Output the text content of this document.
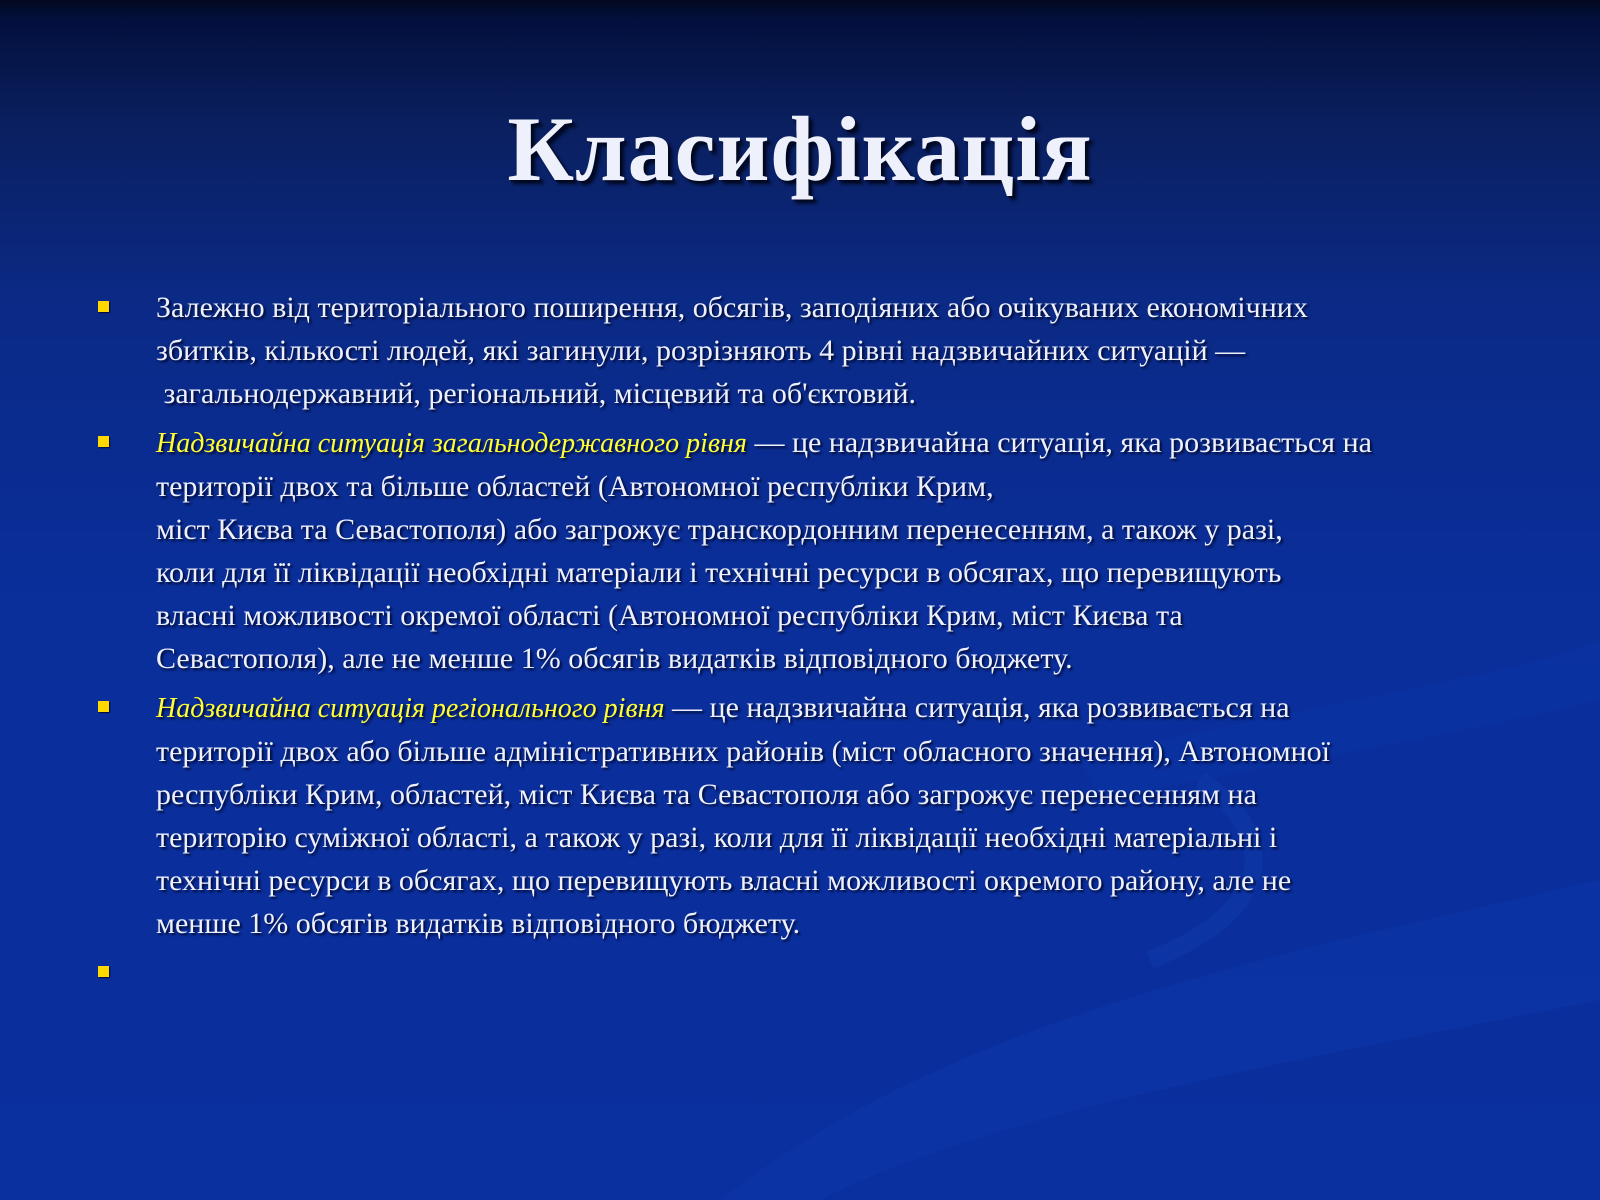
Класифікація
Залежно від територіального поширення, обсягів, заподіяних або очікуваних економічних
збитків, кількості людей, які загинули, розрізняють 4 рівні надзвичайних ситуацій —
загальнодержавний, регіональний, місцевий та об'єктовий.
Надзвичайна ситуація загальнодержавного рівня — це надзвичайна ситуація, яка розвивається на
території двох та більше областей (Автономної республіки Крим,
міст Києва та Севастополя) або загрожує транскордонним перенесенням, а також у разі,
коли для її ліквідації необхідні матеріали і технічні ресурси в обсягах, що перевищують
власні можливості окремої області (Автономної республіки Крим, міст Києва та
Севастополя), але не менше 1% обсягів видатків відповідного бюджету.
Надзвичайна ситуація регіонального рівня — це надзвичайна ситуація, яка розвивається на
території двох або більше адміністративних районів (міст обласного значення), Автономної
республіки Крим, областей, міст Києва та Севастополя або загрожує перенесенням на
територію суміжної області, а також у разі, коли для її ліквідації необхідні матеріальні і
технічні ресурси в обсягах, що перевищують власні можливості окремого району, але не
менше 1% обсягів видатків відповідного бюджету.
